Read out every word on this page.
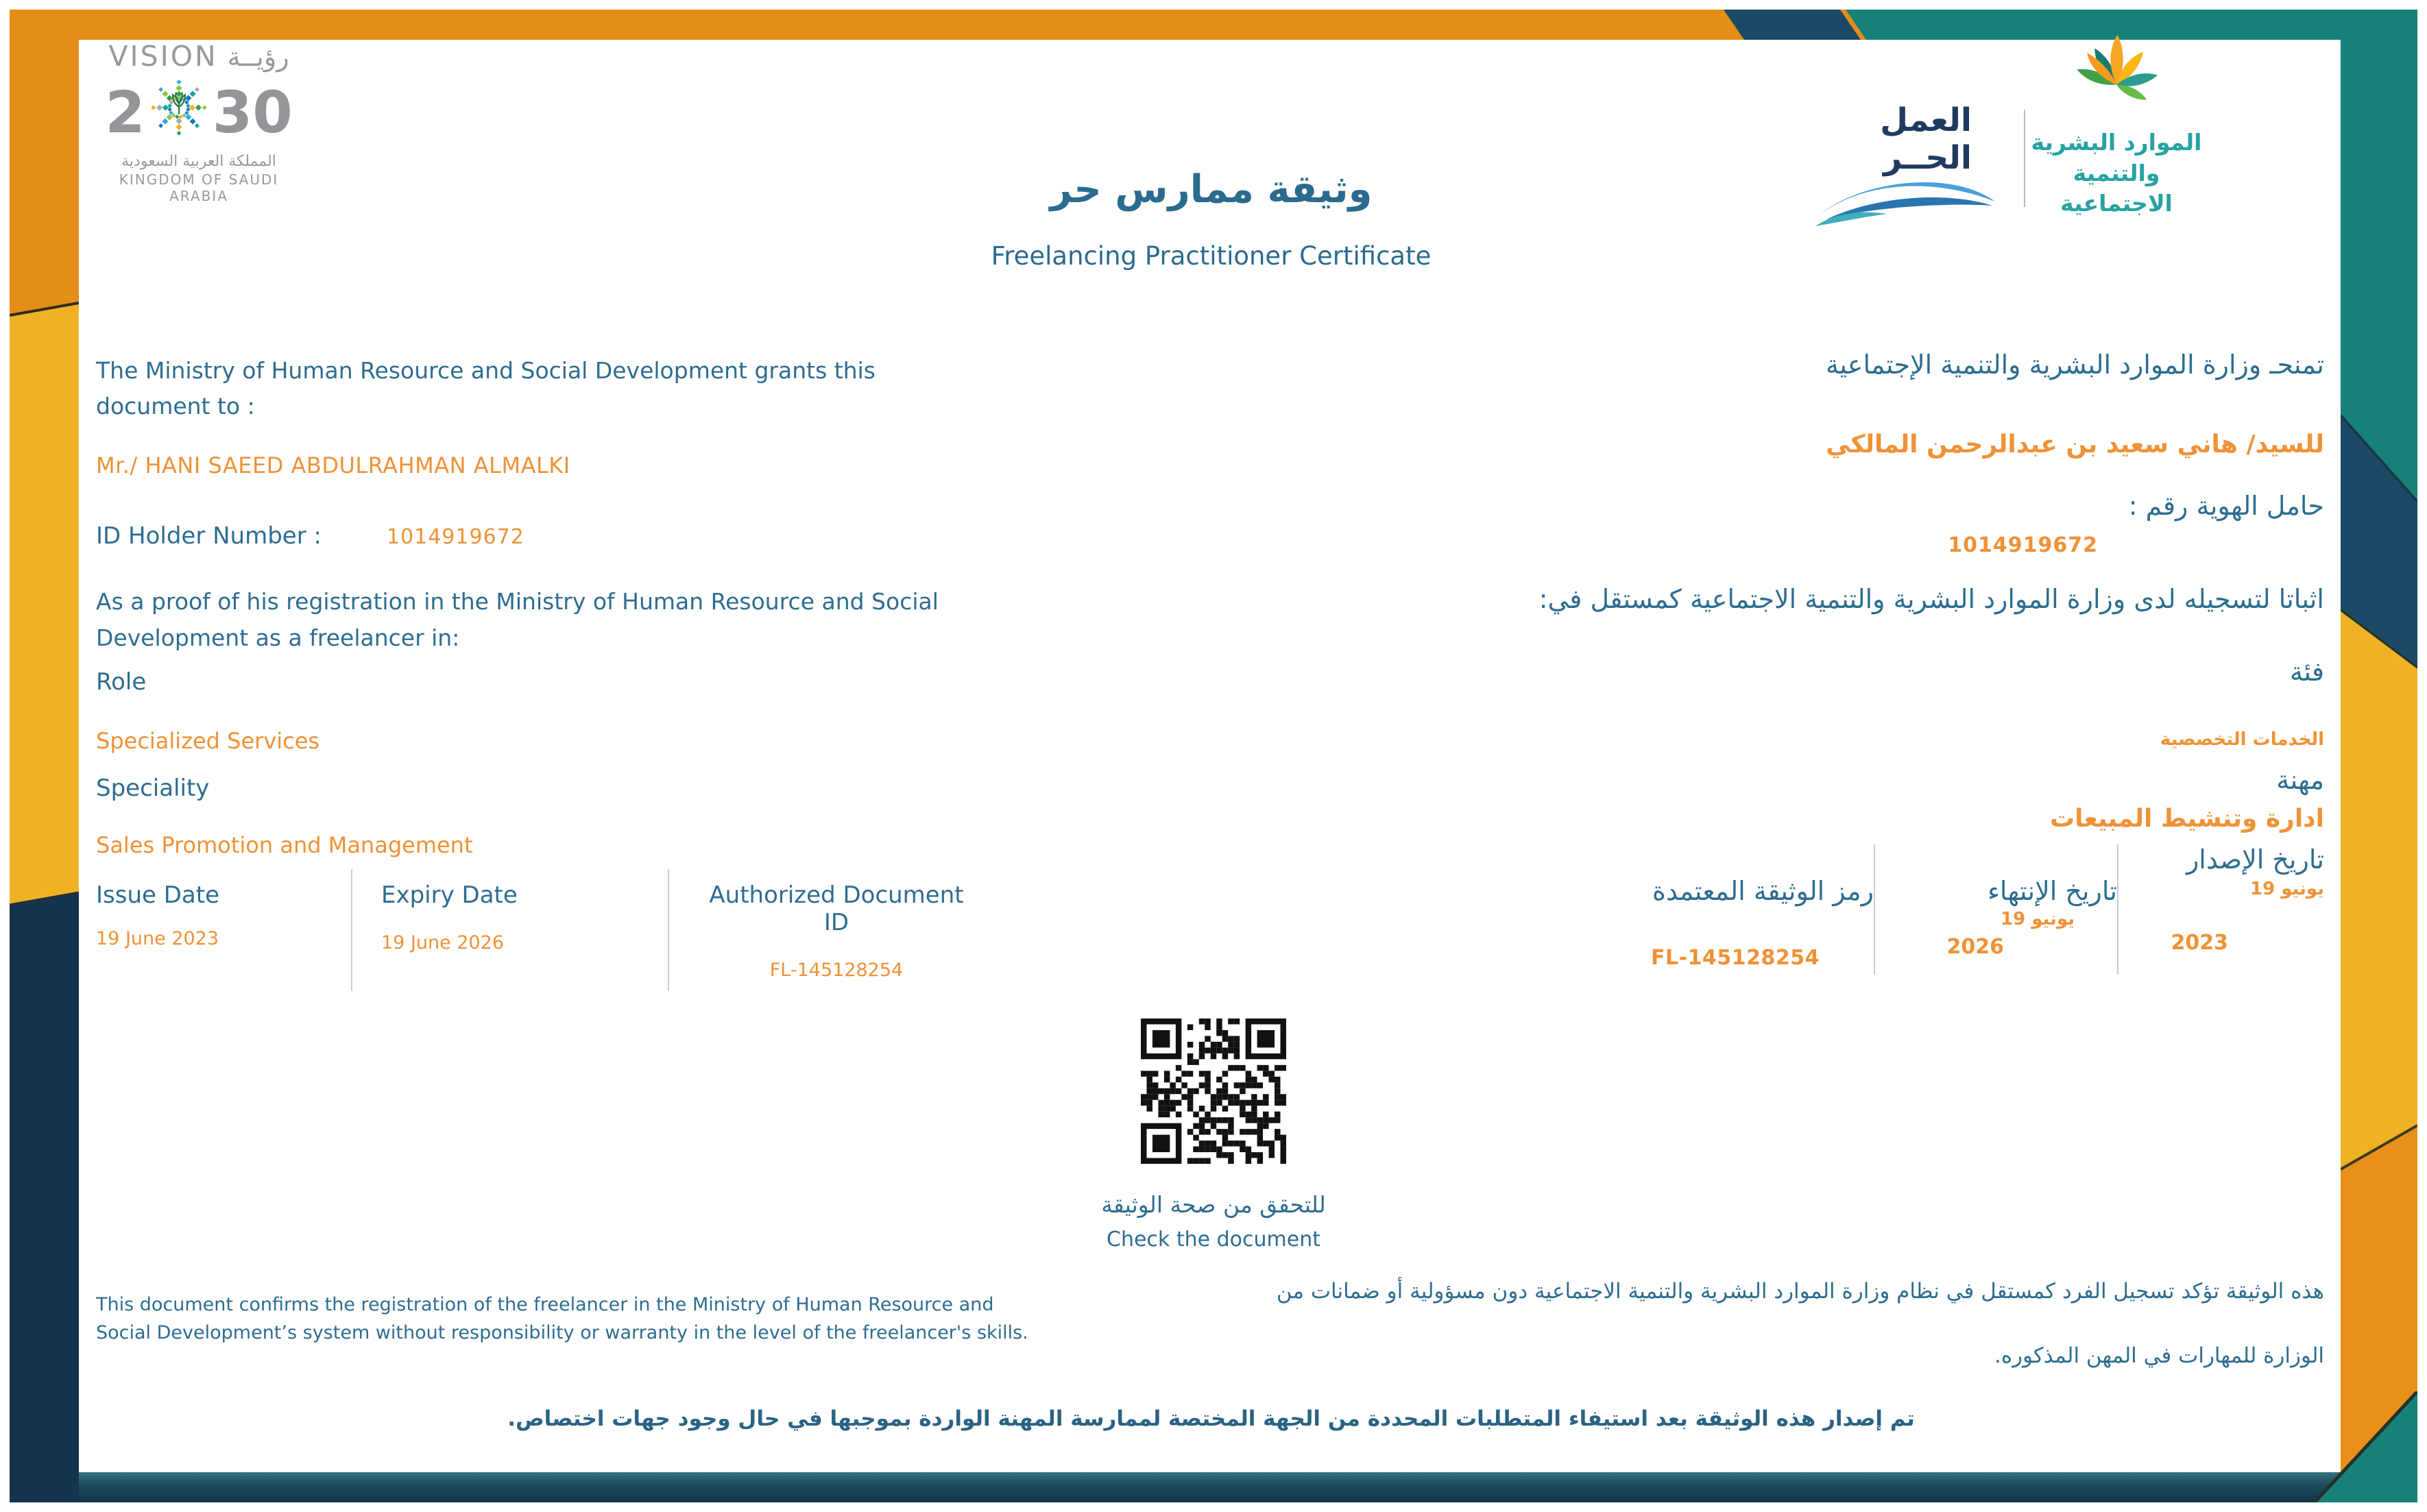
VISION رؤيــة
2 30
المملكة العربية السعودية
KINGDOM OF SAUDI ARABIA
العمل
الحــر	الموارد البشرية
والتنمية الاجتماعية
وثيقة ممارس حر
Freelancing Practitioner Certificate
The Ministry of Human Resource and Social Development grants this document to :
Mr./ HANI SAEED ABDULRAHMAN ALMALKI
ID Holder Number :	1014919672
As a proof of his registration in the Ministry of Human Resource and Social Development as a freelancer in:
Role
Specialized Services
Speciality
Sales Promotion and Management
تمنحـ وزارة الموارد البشرية والتنمية الإجتماعية
للسيد/ هاني سعيد بن عبدالرحمن المالكي
حامل الهوية رقم :
1014919672
اثباتا لتسجيله لدى وزارة الموارد البشرية والتنمية الاجتماعية كمستقل في:
فئة
الخدمات التخصصية
مهنة
ادارة وتنشيط المبيعات
Issue Date
19 June 2023
Expiry Date
19 June 2026
Authorized Document ID
FL-145128254
تاريخ الإصدار
يونيو 19
2023
تاريخ الإنتهاء
يونيو 19
2026
رمز الوثيقة المعتمدة
FL-145128254
للتحقق من صحة الوثيقة
Check the document
This document confirms the registration of the freelancer in the Ministry of Human Resource and Social Development’s system without responsibility or warranty in the level of the freelancer's skills.
هذه الوثيقة تؤكد تسجيل الفرد كمستقل في نظام وزارة الموارد البشرية والتنمية الاجتماعية دون مسؤولية أو ضمانات من
الوزارة للمهارات في المهن المذكوره.
تم إصدار هذه الوثيقة بعد استيفاء المتطلبات المحددة من الجهة المختصة لممارسة المهنة الواردة بموجبها في حال وجود جهات اختصاص.
